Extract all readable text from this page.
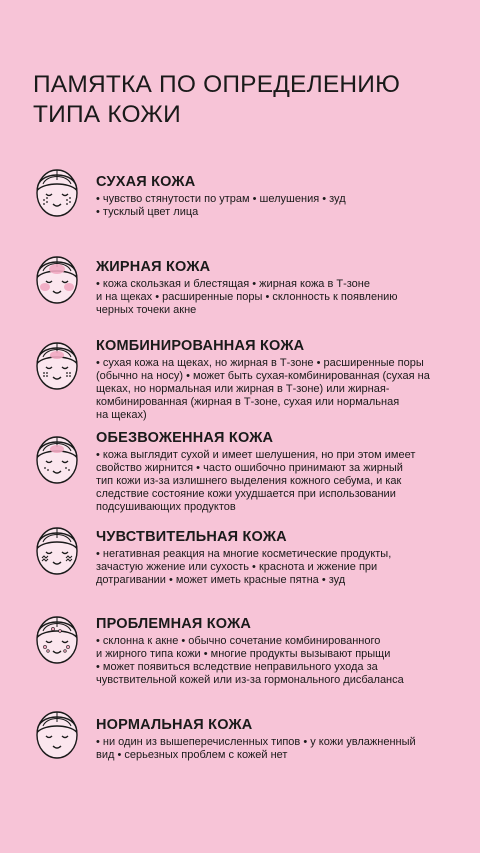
ПАМЯТКА ПО ОПРЕДЕЛЕНИЮ
ТИПА КОЖИ
СУХАЯ КОЖА
• чувство стянутости по утрам • шелушения • зуд
• тусклый цвет лица
ЖИРНАЯ КОЖА
• кожа скользкая и блестящая • жирная кожа в Т-зоне
и на щеках • расширенные поры • склонность к появлению
черных точеки акне
КОМБИНИРОВАННАЯ КОЖА
• сухая кожа на щеках, но жирная в Т-зоне • расширенные поры
(обычно на носу) • может быть сухая-комбинированная (сухая на
щеках, но нормальная или жирная в Т-зоне) или жирная-
комбинированная (жирная в Т-зоне, сухая или нормальная
на щеках)
ОБЕЗВОЖЕННАЯ КОЖА
• кожа выглядит сухой и имеет шелушения, но при этом имеет
свойство жирнится • часто ошибочно принимают за жирный
тип кожи из-за излишнего выделения кожного себума, и как
следствие состояние кожи ухудшается при использовании
подсушивающих продуктов
ЧУВСТВИТЕЛЬНАЯ КОЖА
• негативная реакция на многие косметические продукты,
зачастую жжение или сухость • краснота и жжение при
дотрагивании • может иметь красные пятна • зуд
ПРОБЛЕМНАЯ КОЖА
• склонна к акне • обычно сочетание комбинированного
и жирного типа кожи • многие продукты вызывают прыщи
• может появиться вследствие неправильного ухода за
чувствительной кожей или из-за гормонального дисбаланса
НОРМАЛЬНАЯ КОЖА
• ни один из вышеперечисленных типов • у кожи увлажненный
вид • серьезных проблем с кожей нет
